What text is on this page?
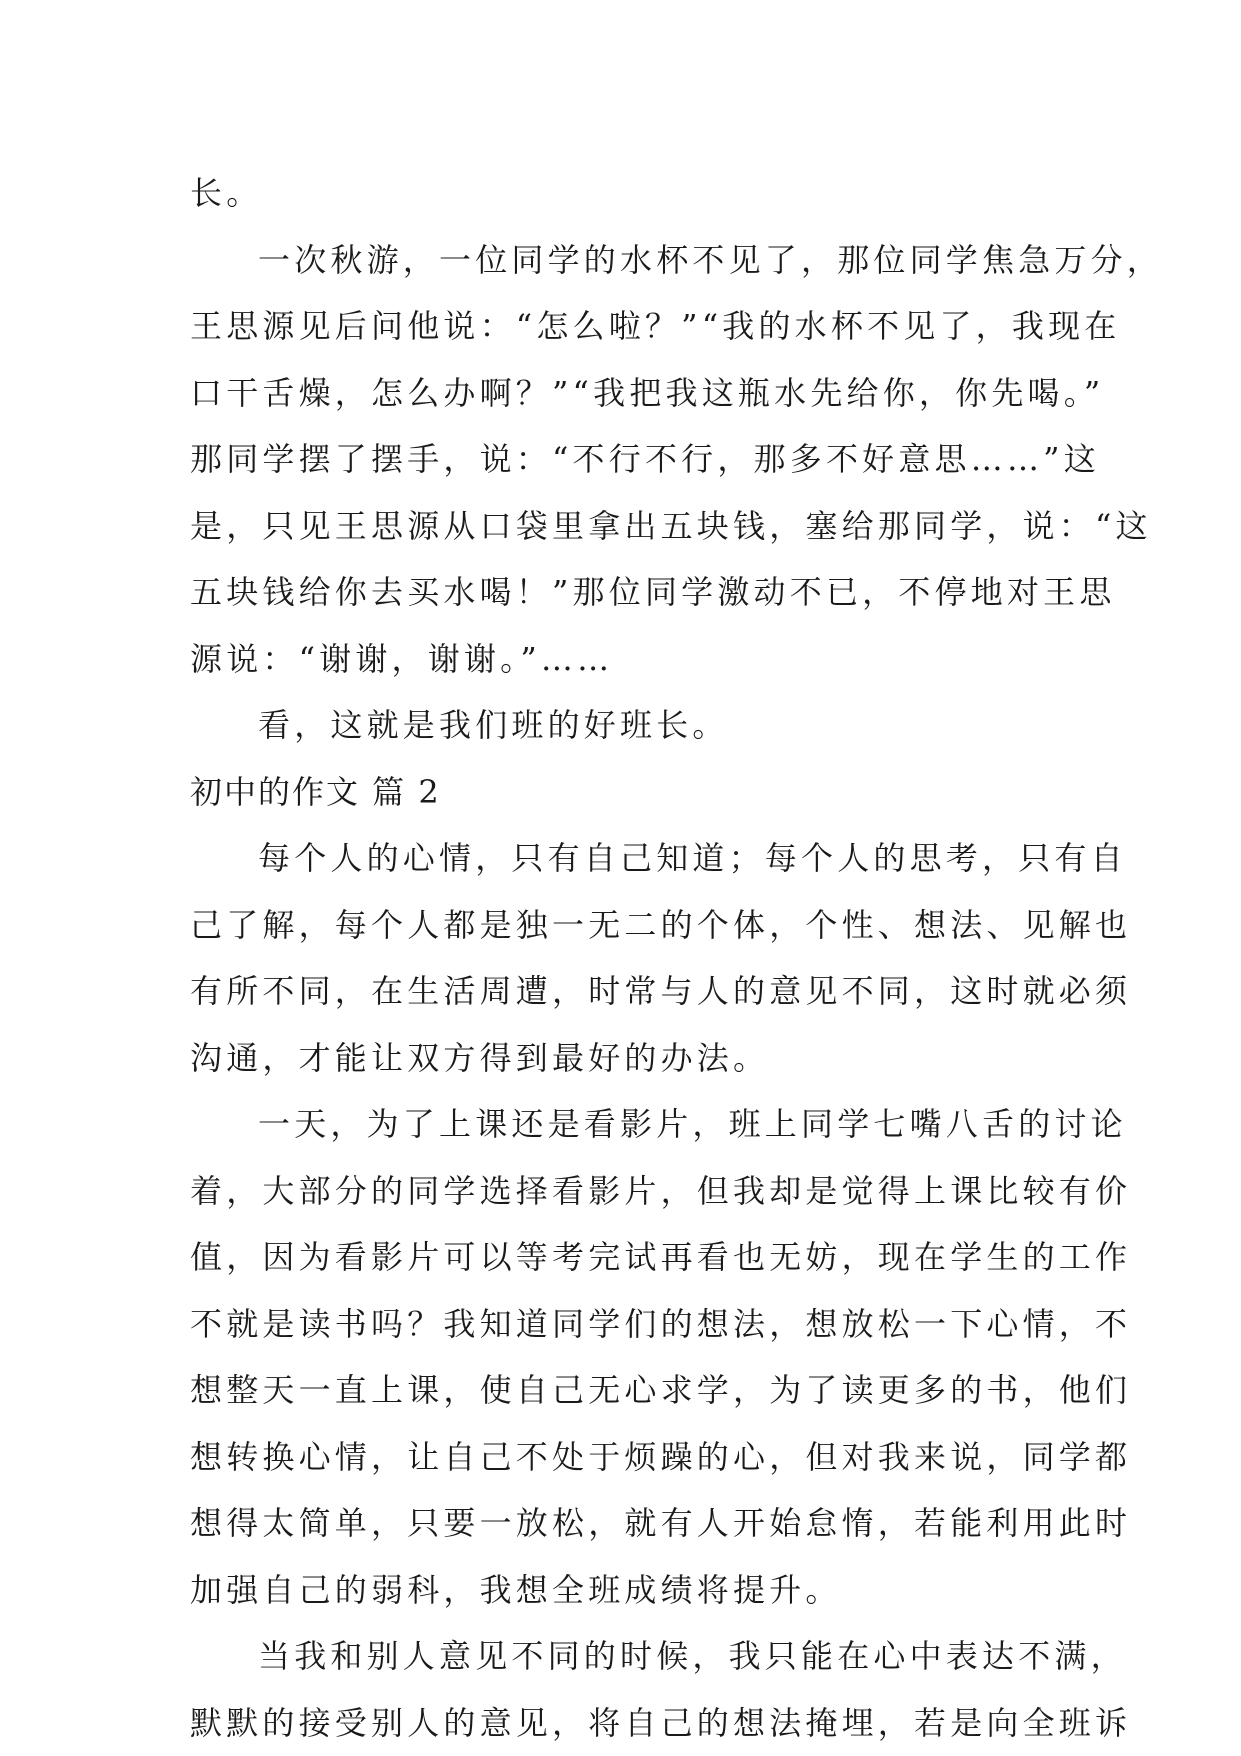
长。
一次秋游，一位同学的水杯不见了，那位同学焦急万分，
王思源见后问他说：“怎么啦？”“我的水杯不见了，我现在
口干舌燥，怎么办啊？”“我把我这瓶水先给你，你先喝。”
那同学摆了摆手，说：“不行不行，那多不好意思……”这
是，只见王思源从口袋里拿出五块钱，塞给那同学，说：“这
五块钱给你去买水喝！”那位同学激动不已，不停地对王思
源说：“谢谢，谢谢。”……
看，这就是我们班的好班长。
初中的作文 篇 2
每个人的心情，只有自己知道；每个人的思考，只有自
己了解，每个人都是独一无二的个体，个性、想法、见解也
有所不同，在生活周遭，时常与人的意见不同，这时就必须
沟通，才能让双方得到最好的办法。
一天，为了上课还是看影片，班上同学七嘴八舌的讨论
着，大部分的同学选择看影片，但我却是觉得上课比较有价
值，因为看影片可以等考完试再看也无妨，现在学生的工作
不就是读书吗？我知道同学们的想法，想放松一下心情，不
想整天一直上课，使自己无心求学，为了读更多的书，他们
想转换心情，让自己不处于烦躁的心，但对我来说，同学都
想得太简单，只要一放松，就有人开始怠惰，若能利用此时
加强自己的弱科，我想全班成绩将提升。
当我和别人意见不同的时候，我只能在心中表达不满，
默默的接受别人的意见，将自己的想法掩埋，若是向全班诉
